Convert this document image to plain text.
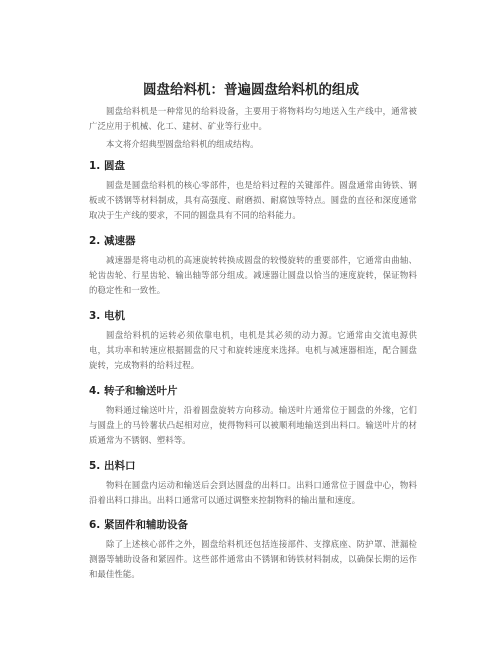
圆盘给料机：普遍圆盘给料机的组成

圆盘给料机是一种常见的给料设备，主要用于将物料均匀地送入生产线中，通常被广泛应用于机械、化工、建材、矿业等行业中。

本文将介绍典型圆盘给料机的组成结构。

1. 圆盘

圆盘是圆盘给料机的核心零部件，也是给料过程的关键部件。圆盘通常由铸铁、钢板或不锈钢等材料制成，具有高强度、耐磨损、耐腐蚀等特点。圆盘的直径和深度通常取决于生产线的要求，不同的圆盘具有不同的给料能力。

2. 减速器

减速器是将电动机的高速旋转转换成圆盘的较慢旋转的重要部件，它通常由曲轴、轮齿齿轮、行星齿轮、输出轴等部分组成。减速器让圆盘以恰当的速度旋转，保证物料的稳定性和一致性。

3. 电机

圆盘给料机的运转必须依靠电机，电机是其必须的动力源。它通常由交流电源供电，其功率和转速应根据圆盘的尺寸和旋转速度来选择。电机与减速器相连，配合圆盘旋转，完成物料的给料过程。

4. 转子和输送叶片

物料通过输送叶片，沿着圆盘旋转方向移动。输送叶片通常位于圆盘的外缘，它们与圆盘上的马铃薯状凸起相对应，使得物料可以被顺利地输送到出料口。输送叶片的材质通常为不锈钢、塑料等。

5. 出料口

物料在圆盘内运动和输送后会到达圆盘的出料口。出料口通常位于圆盘中心，物料沿着出料口排出。出料口通常可以通过调整来控制物料的输出量和速度。

6. 紧固件和辅助设备

除了上述核心部件之外，圆盘给料机还包括连接部件、支撑底座、防护罩、泄漏检测器等辅助设备和紧固件。这些部件通常由不锈钢和铸铁材料制成，以确保长期的运作和最佳性能。
